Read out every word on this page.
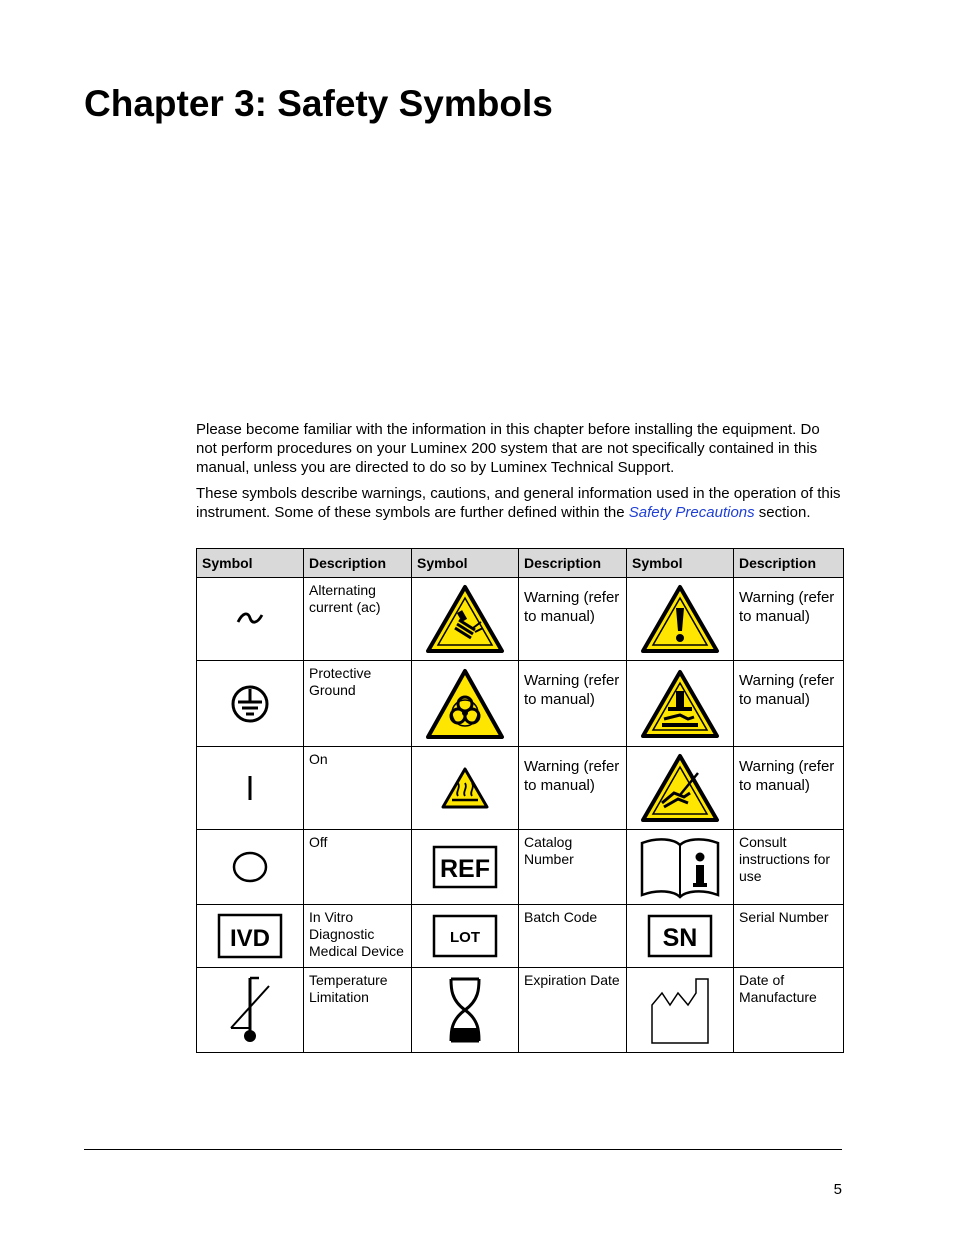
Chapter 3: Safety Symbols

Please become familiar with the information in this chapter before installing the equipment. Do not perform procedures on your Luminex 200 system that are not specifically contained in this manual, unless you are directed to do so by Luminex Technical Support.

These symbols describe warnings, cautions, and general information used in the operation of this instrument. Some of these symbols are further defined within the Safety Precautions section.

Symbol	Description	Symbol	Description	Symbol	Description

	Alternating current (ac)		Warning (refer to manual)		Warning (refer to manual)

	Protective Ground		Warning (refer to manual)		Warning (refer to manual)

	On		Warning (refer to manual)		Warning (refer to manual)

	Off	REF	Catalog Number		Consult instructions for use

IVD	In Vitro Diagnostic Medical Device	LOT	Batch Code	SN	Serial Number

	Temperature Limitation		Expiration Date		Date of Manufacture
5
